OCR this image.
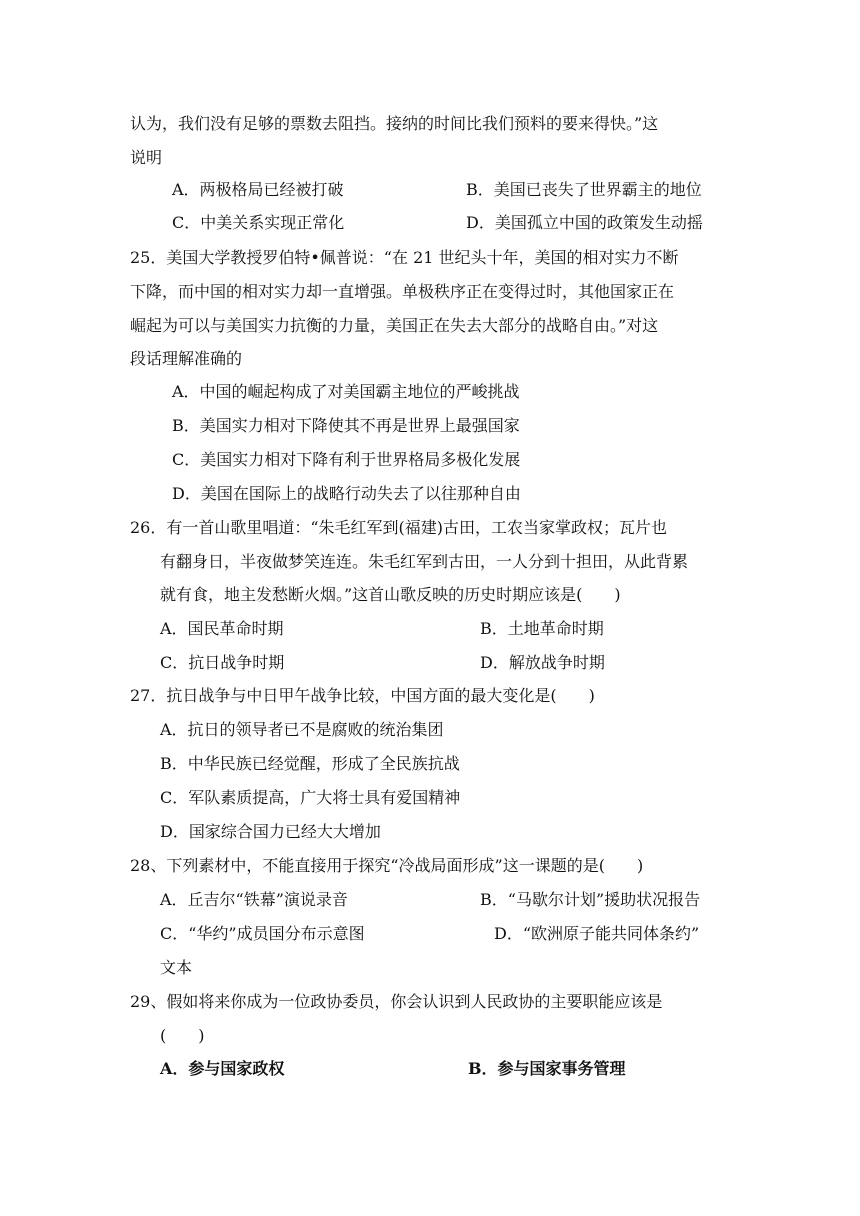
认为，我们没有足够的票数去阻挡。接纳的时间比我们预料的要来得快。”这
说明
A．两极格局已经被打破	B．美国已丧失了世界霸主的地位
C．中美关系实现正常化	D．美国孤立中国的政策发生动摇
25．美国大学教授罗伯特•佩普说：“在 21 世纪头十年，美国的相对实力不断
下降，而中国的相对实力却一直增强。单极秩序正在变得过时，其他国家正在
崛起为可以与美国实力抗衡的力量，美国正在失去大部分的战略自由。”对这
段话理解准确的
A．中国的崛起构成了对美国霸主地位的严峻挑战
B．美国实力相对下降使其不再是世界上最强国家
C．美国实力相对下降有利于世界格局多极化发展
D．美国在国际上的战略行动失去了以往那种自由
26．有一首山歌里唱道：“朱毛红军到(福建)古田，工农当家掌政权；瓦片也
有翻身日，半夜做梦笑连连。朱毛红军到古田，一人分到十担田，从此背累
就有食，地主发愁断火烟。”这首山歌反映的历史时期应该是(　　)
A．国民革命时期	B．土地革命时期
C．抗日战争时期	D．解放战争时期
27．抗日战争与中日甲午战争比较，中国方面的最大变化是(　　)
A．抗日的领导者已不是腐败的统治集团
B．中华民族已经觉醒，形成了全民族抗战
C．军队素质提高，广大将士具有爱国精神
D．国家综合国力已经大大增加
28、下列素材中，不能直接用于探究“冷战局面形成”这一课题的是(　　)
A．丘吉尔“铁幕”演说录音	B．“马歇尔计划”援助状况报告
C．“华约”成员国分布示意图	D．“欧洲原子能共同体条约”
文本
29、假如将来你成为一位政协委员，你会认识到人民政协的主要职能应该是
(　　)
A．参与国家政权	B．参与国家事务管理
